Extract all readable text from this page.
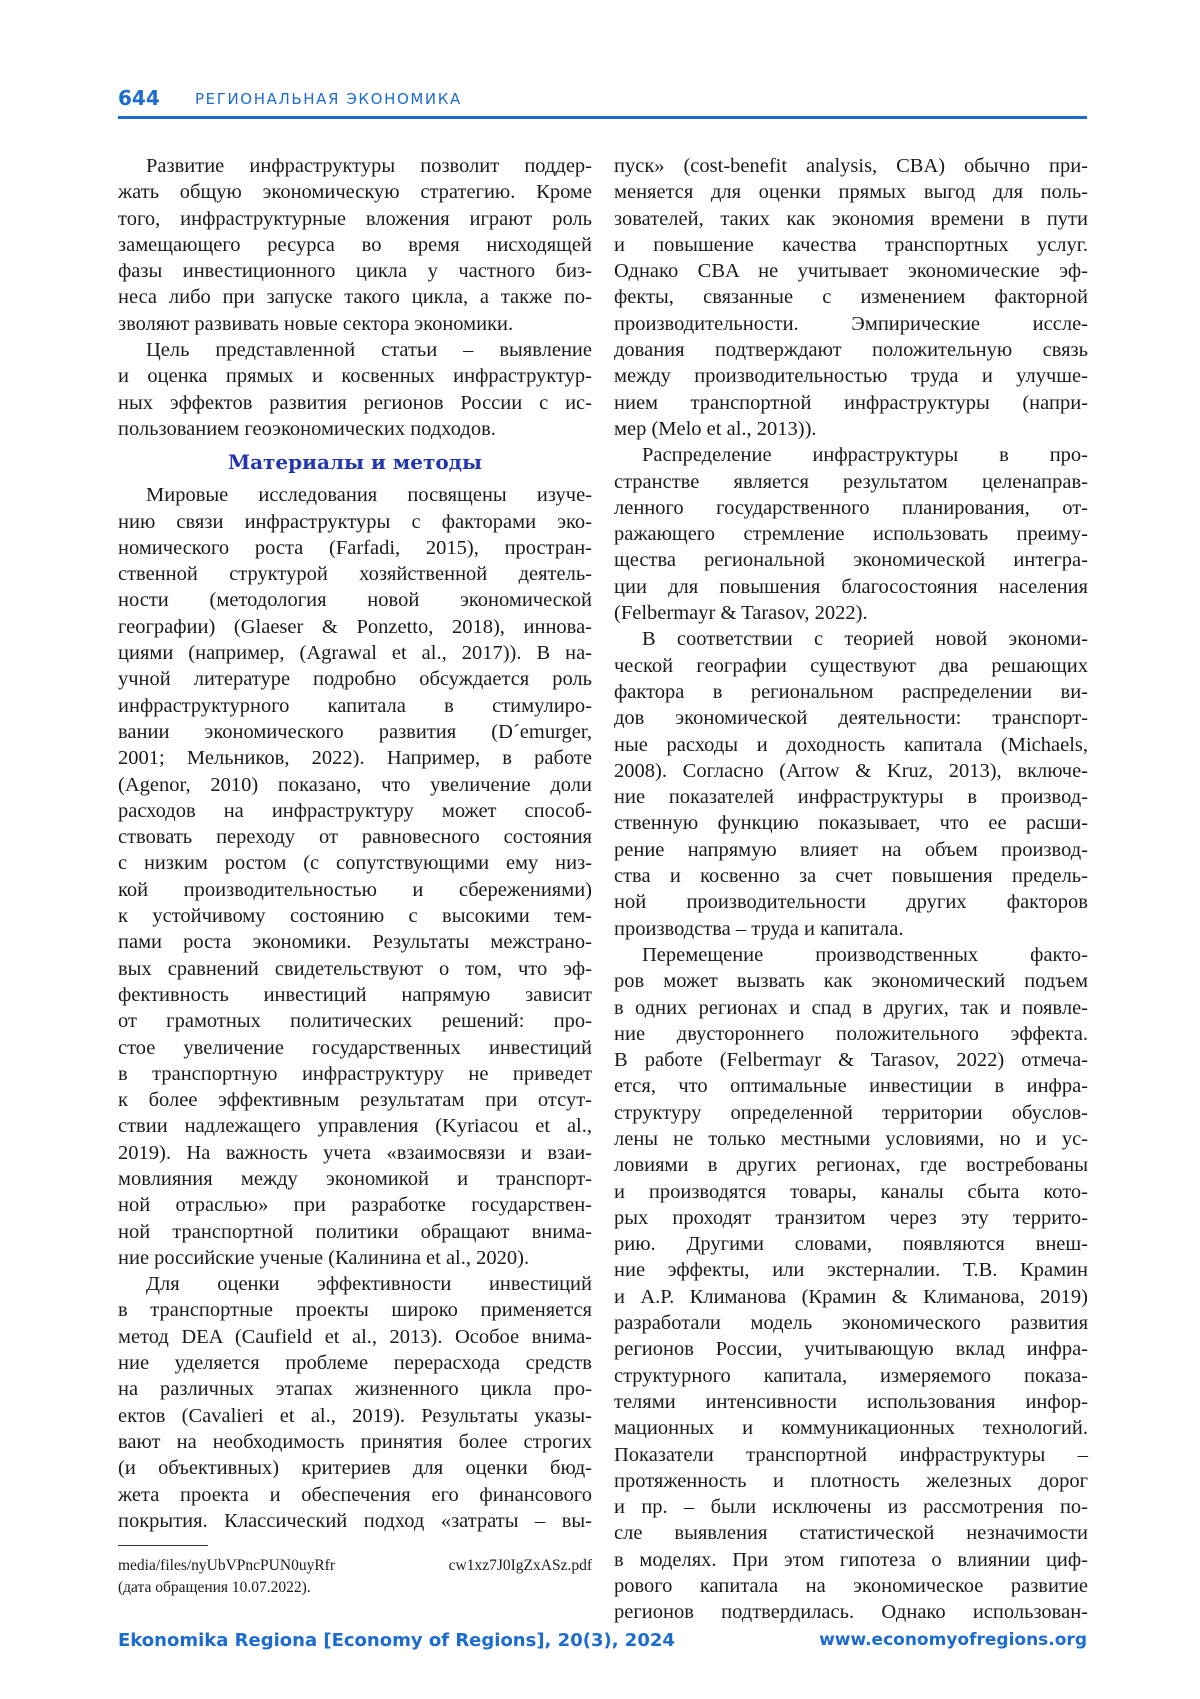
644 РЕГИОНАЛЬНАЯ ЭКОНОМИКА
Развитие инфраструктуры позволит поддер-
жать общую экономическую стратегию. Кроме
того, инфраструктурные вложения играют роль
замещающего ресурса во время нисходящей
фазы инвестиционного цикла у частного биз-
неса либо при запуске такого цикла, а также по-
зволяют развивать новые сектора экономики.
Цель представленной статьи – выявление
и оценка прямых и косвенных инфраструктур-
ных эффектов развития регионов России с ис-
пользованием геоэкономических подходов.
Материалы и методы
Мировые исследования посвящены изуче-
нию связи инфраструктуры с факторами эко-
номического роста (Farfadi, 2015), простран-
ственной структурой хозяйственной деятель-
ности (методология новой экономической
географии) (Glaeser & Ponzetto, 2018), иннова-
циями (например, (Agrawal et al., 2017)). В на-
учной литературе подробно обсуждается роль
инфраструктурного капитала в стимулиро-
вании экономического развития (D´emurger,
2001; Мельников, 2022). Например, в работе
(Agenor, 2010) показано, что увеличение доли
расходов на инфраструктуру может способ-
ствовать переходу от равновесного состояния
с низким ростом (с сопутствующими ему низ-
кой производительностью и сбережениями)
к устойчивому состоянию с высокими тем-
пами роста экономики. Результаты межстрано-
вых сравнений свидетельствуют о том, что эф-
фективность инвестиций напрямую зависит
от грамотных политических решений: про-
стое увеличение государственных инвестиций
в транспортную инфраструктуру не приведет
к более эффективным результатам при отсут-
ствии надлежащего управления (Kyriacou et al.,
2019). На важность учета «взаимосвязи и взаи-
мовлияния между экономикой и транспорт-
ной отраслью» при разработке государствен-
ной транспортной политики обращают внима-
ние российские ученые (Калинина et al., 2020).
Для оценки эффективности инвестиций
в транспортные проекты широко применяется
метод DEA (Caufield et al., 2013). Особое внима-
ние уделяется проблеме перерасхода средств
на различных этапах жизненного цикла про-
ектов (Cavalieri et al., 2019). Результаты указы-
вают на необходимость принятия более строгих
(и объективных) критериев для оценки бюд-
жета проекта и обеспечения его финансового
покрытия. Классический подход «затраты – вы-
пуск» (cost-benefit analysis, CBA) обычно при-
меняется для оценки прямых выгод для поль-
зователей, таких как экономия времени в пути
и повышение качества транспортных услуг.
Однако CBA не учитывает экономические эф-
фекты, связанные с изменением факторной
производительности. Эмпирические иссле-
дования подтверждают положительную связь
между производительностью труда и улучше-
нием транспортной инфраструктуры (напри-
мер (Melo et al., 2013)).
Распределение инфраструктуры в про-
странстве является результатом целенаправ-
ленного государственного планирования, от-
ражающего стремление использовать преиму-
щества региональной экономической интегра-
ции для повышения благосостояния населения
(Felbermayr & Tarasov, 2022).
В соответствии с теорией новой экономи-
ческой географии существуют два решающих
фактора в региональном распределении ви-
дов экономической деятельности: транспорт-
ные расходы и доходность капитала (Michaels,
2008). Согласно (Arrow & Kruz, 2013), включе-
ние показателей инфраструктуры в производ-
ственную функцию показывает, что ее расши-
рение напрямую влияет на объем производ-
ства и косвенно за счет повышения предель-
ной производительности других факторов
производства – труда и капитала.
Перемещение производственных факто-
ров может вызвать как экономический подъем
в одних регионах и спад в других, так и появле-
ние двустороннего положительного эффекта.
В работе (Felbermayr & Tarasov, 2022) отмеча-
ется, что оптимальные инвестиции в инфра-
структуру определенной территории обуслов-
лены не только местными условиями, но и ус-
ловиями в других регионах, где востребованы
и производятся товары, каналы сбыта кото-
рых проходят транзитом через эту террито-
рию. Другими словами, появляются внеш-
ние эффекты, или экстерналии. Т.В. Крамин
и А.Р. Климанова (Крамин & Климанова, 2019)
разработали модель экономического развития
регионов России, учитывающую вклад инфра-
структурного капитала, измеряемого показа-
телями интенсивности использования инфор-
мационных и коммуникационных технологий.
Показатели транспортной инфраструктуры –
протяженность и плотность железных дорог
и пр. – были исключены из рассмотрения по-
сле выявления статистической незначимости
в моделях. При этом гипотеза о влиянии циф-
рового капитала на экономическое развитие
регионов подтвердилась. Однако использован-
media/files/nyUbVPncPUN0uyRfr	cw1xz7J0IgZxASz.pdf
(дата обращения 10.07.2022).
Ekonomika Regiona [Economy of Regions], 20(3), 2024	www.economyofregions.org
